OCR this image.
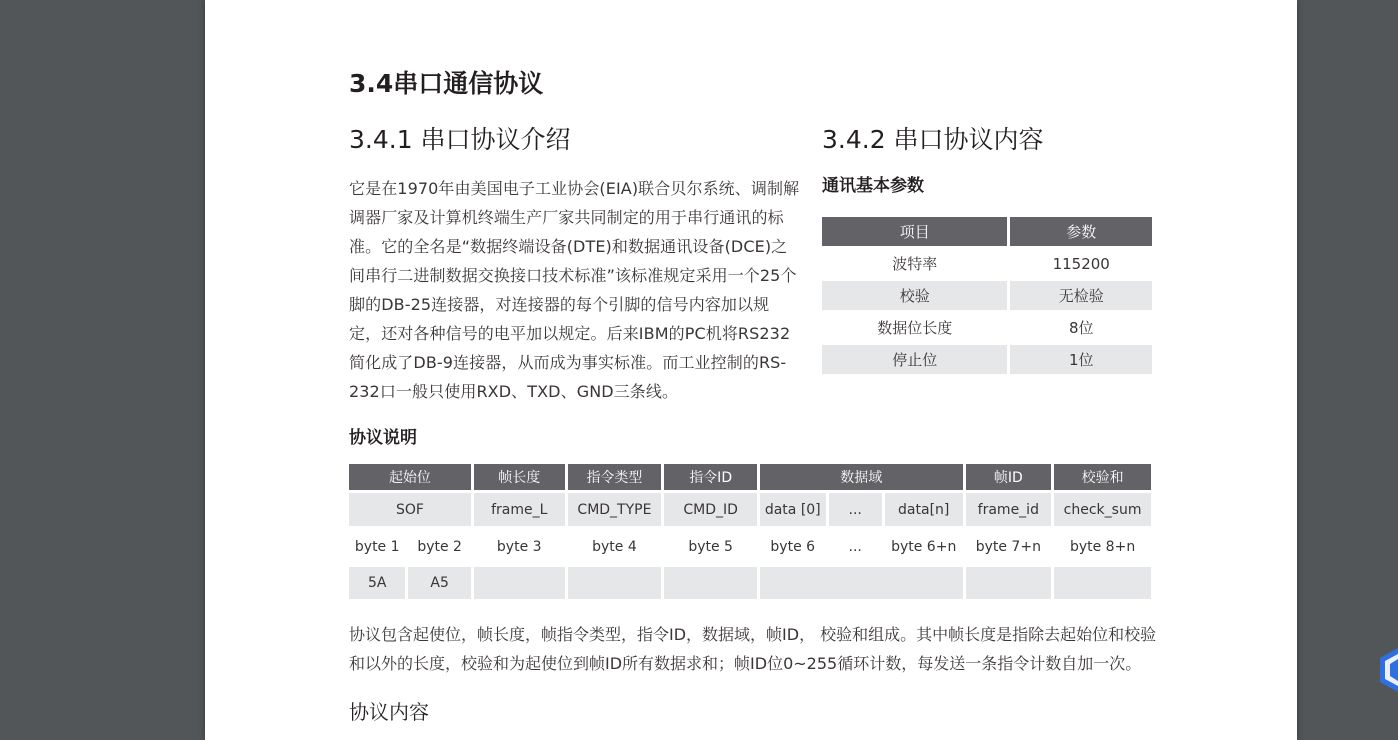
3.4串口通信协议
3.4.1 串口协议介绍	3.4.2 串口协议内容
它是在1970年由美国电子工业协会(EIA)联合贝尔系统、调制解调器厂家及计算机终端生产厂家共同制定的用于串行通讯的标准。它的全名是“数据终端设备(DTE)和数据通讯设备(DCE)之间串行二进制数据交换接口技术标准”该标准规定采用一个25个脚的DB-25连接器，对连接器的每个引脚的信号内容加以规定，还对各种信号的电平加以规定。后来IBM的PC机将RS232简化成了DB-9连接器，从而成为事实标准。而工业控制的RS-232口一般只使用RXD、TXD、GND三条线。
通讯基本参数
项目	参数
波特率	115200
校验	无检验
数据位长度	8位
停止位	1位
协议说明
起始位		帧长度	指令类型	指令ID	数据域			帧ID	校验和
SOF		frame_L	CMD_TYPE	CMD_ID	data [0]	...	data[n]	frame_id	check_sum
byte 1	byte 2	byte 3	byte 4	byte 5	byte 6	...	byte 6+n	byte 7+n	byte 8+n
5A	A5								
协议包含起使位，帧长度，帧指令类型，指令ID，数据域，帧ID， 校验和组成。其中帧长度是指除去起始位和校验和以外的长度，校验和为起使位到帧ID所有数据求和；帧ID位0~255循环计数，每发送一条指令计数自加一次。
协议内容
